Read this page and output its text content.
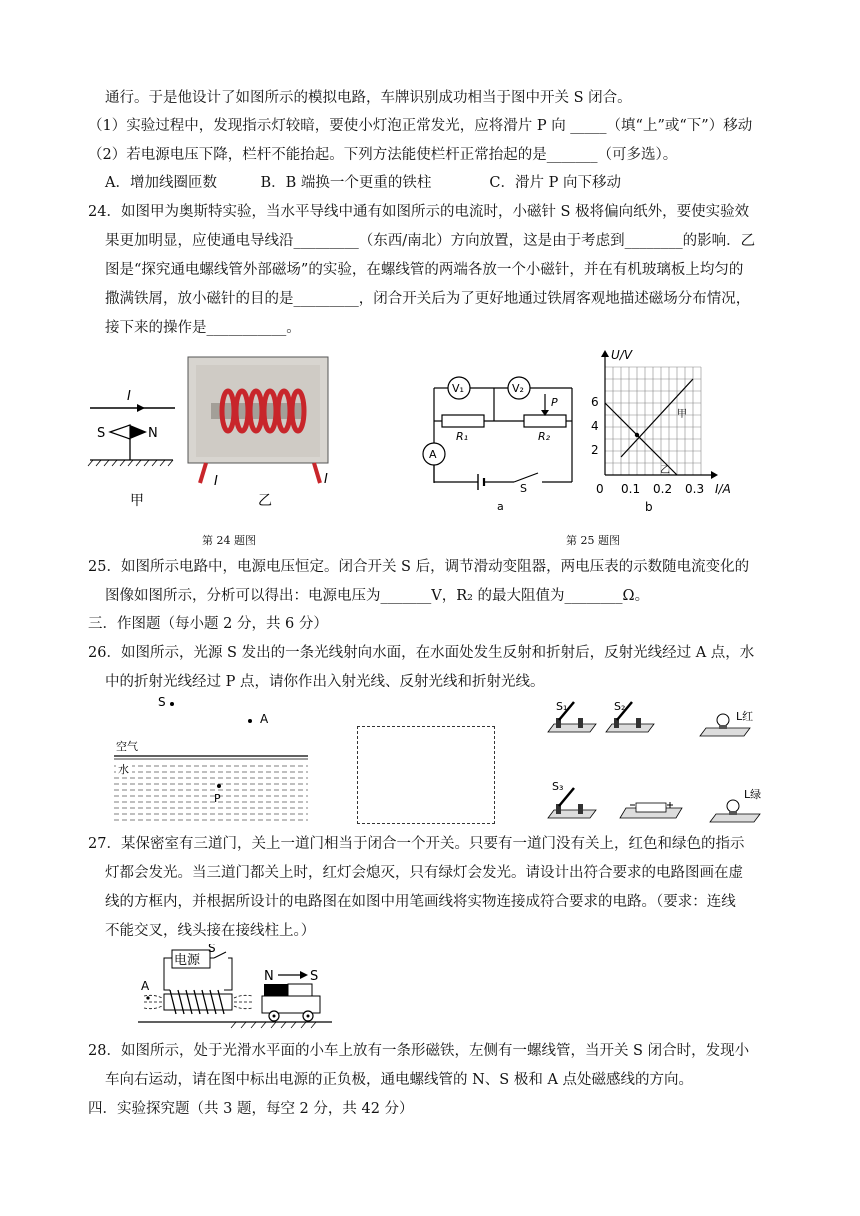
通行。于是他设计了如图所示的模拟电路，车牌识别成功相当于图中开关 S 闭合。
（1）实验过程中，发现指示灯较暗，要使小灯泡正常发光，应将滑片 P 向 _____（填“上”或“下”）移动
（2）若电源电压下降，栏杆不能抬起。下列方法能使栏杆正常抬起的是_______（可多选）。
A．增加线圈匝数　　　B．B 端换一个更重的铁柱　　　　C．滑片 P 向下移动
24．如图甲为奥斯特实验，当水平导线中通有如图所示的电流时，小磁针 S 极将偏向纸外，要使实验效
果更加明显，应使通电导线沿_________（东西/南北）方向放置，这是由于考虑到________的影响．乙
图是“探究通电螺线管外部磁场”的实验，在螺线管的两端各放一个小磁针，并在有机玻璃板上均匀的
撒满铁屑，放小磁针的目的是_________，闭合开关后为了更好地通过铁屑客观地描述磁场分布情况，
接下来的操作是___________。
25．如图所示电路中，电源电压恒定。闭合开关 S 后，调节滑动变阻器，两电压表的示数随电流变化的
图像如图所示，分析可以得出：电源电压为_______V，R₂ 的最大阻值为________Ω。
三．作图题（每小题 2 分，共 6 分）
26．如图所示，光源 S 发出的一条光线射向水面，在水面处发生反射和折射后，反射光线经过 A 点，水
中的折射光线经过 P 点，请你作出入射光线、反射光线和折射光线。
27．某保密室有三道门，关上一道门相当于闭合一个开关。只要有一道门没有关上，红色和绿色的指示
灯都会发光。当三道门都关上时，红灯会熄灭，只有绿灯会发光。请设计出符合要求的电路图画在虚
线的方框内，并根据所设计的电路图在如图中用笔画线将实物连接成符合要求的电路。（要求：连线
不能交叉，线头接在接线柱上。）
28．如图所示，处于光滑水平面的小车上放有一条形磁铁，左侧有一螺线管，当开关 S 闭合时，发现小
车向右运动，请在图中标出电源的正负极，通电螺线管的 N、S 极和 A 点处磁感线的方向。
四．实验探究题（共 3 题，每空 2 分，共 42 分）
I
S	N
甲
I	I
乙
第 24 题图
V₁	V₂
A
R₁	R₂
P
S
a
U/V
I/A
甲
乙
2
4
6
0 0.1 0.2 0.3
b
第 25 题图
S
A
空气
水
P
S₁	S₂
L红
S₃
L绿
A
电源
S
N	S
